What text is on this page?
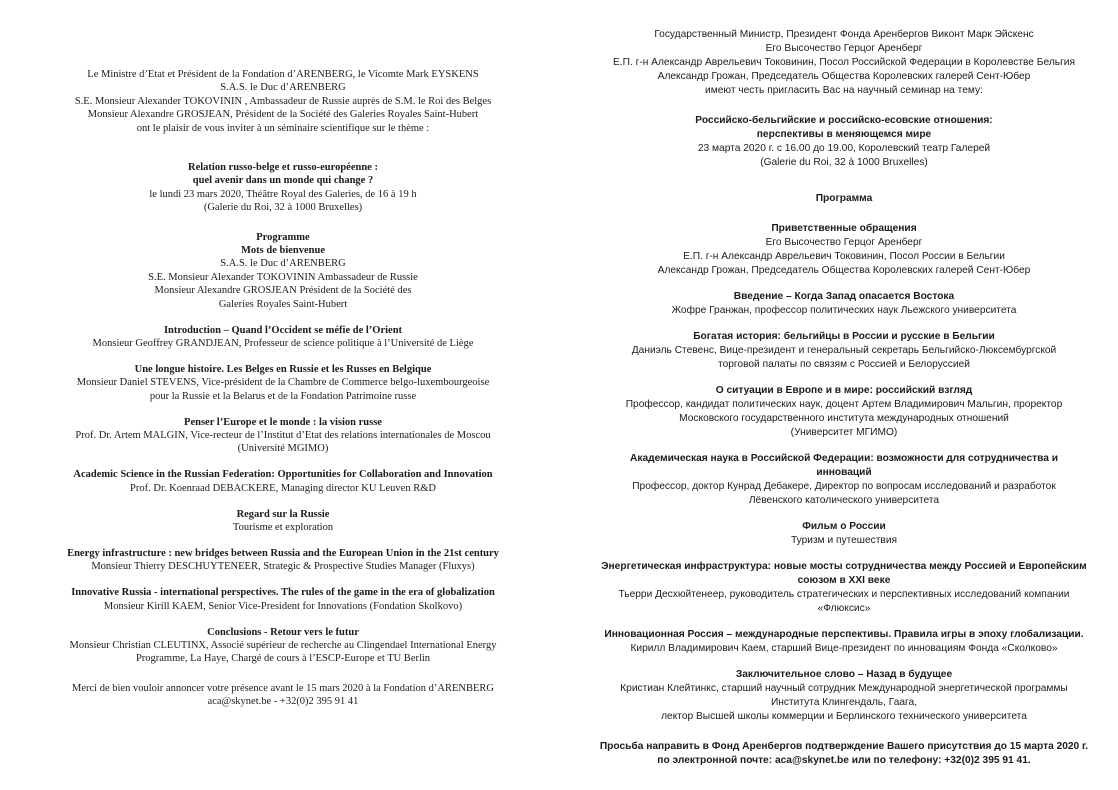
Le Ministre d’Etat et Président de la Fondation d’ARENBERG, le Vicomte Mark EYSKENS

S.A.S. le Duc d’ARENBERG

S.E. Monsieur Alexander TOKOVININ , Ambassadeur de Russie auprès de S.M. le Roi des Belges

Monsieur Alexandre GROSJEAN, Président de la Société des Galeries Royales Saint-Hubert

ont le plaisir de vous inviter à un séminaire scientifique sur le thème :

Relation russo-belge et russo-européenne :

quel avenir dans un monde qui change ?

le lundi 23 mars 2020, Théâtre Royal des Galeries, de 16 à 19 h

(Galerie du Roi, 32 à 1000 Bruxelles)

Programme

Mots de bienvenue

S.A.S. le Duc d’ARENBERG

S.E. Monsieur Alexander TOKOVININ Ambassadeur de Russie

Monsieur Alexandre GROSJEAN Président de la Société des

Galeries Royales Saint-Hubert

Introduction – Quand l’Occident se méfie de l’Orient

Monsieur Geoffrey GRANDJEAN, Professeur de science politique à l’Université de Liège

Une longue histoire. Les Belges en Russie et les Russes en Belgique

Monsieur Daniel STEVENS, Vice-président de la Chambre de Commerce belgo-luxembourgeoise

pour la Russie et la Belarus et de la Fondation Patrimoine russe

Penser l’Europe et le monde : la vision russe

Prof. Dr. Artem MALGIN, Vice-recteur de l’Institut d’Etat des relations internationales de Moscou

(Université MGIMO)

Academic Science in the Russian Federation: Opportunities for Collaboration and Innovation

Prof. Dr. Koenraad DEBACKERE, Managing director KU Leuven R&D

Regard sur la Russie

Tourisme et exploration

Energy infrastructure : new bridges between Russia and the European Union in the 21st century

Monsieur Thierry DESCHUYTENEER, Strategic & Prospective Studies Manager (Fluxys)

Innovative Russia - international perspectives. The rules of the game in the era of globalization

Monsieur Kirill KAEM, Senior Vice-President for Innovations (Fondation Skolkovo)

Conclusions - Retour vers le futur

Monsieur Christian CLEUTINX, Associé supérieur de recherche au Clingendael International Energy

Programme, La Haye, Chargé de cours à l’ESCP-Europe et TU Berlin

Merci de bien vouloir annoncer votre présence avant le 15 mars 2020 à la Fondation d’ARENBERG

aca@skynet.be - +32(0)2 395 91 41

Государственный Министр, Президент Фонда Аренбергов Виконт Марк Эйскенс

Его Высочество Герцог Аренберг

Е.П. г-н Александр Аврельевич Токовинин, Посол Российской Федерации в Королевстве Бельгия

Александр Грожан, Председатель Общества Королевских галерей Сент-Юбер

имеют честь пригласить Вас на научный семинар на тему:

Российско-бельгийские и российско-есовские отношения:

перспективы в меняющемся мире

23 марта 2020 г. с 16.00 до 19.00, Королевский театр Галерей

(Galerie du Roi, 32 à 1000 Bruxelles)

Программа

Приветственные обращения

Его Высочество Герцог Аренберг

Е.П. г-н Александр Аврельевич Токовинин, Посол России в Бельгии

Александр Грожан, Председатель Общества Королевских галерей Сент-Юбер

Введение – Когда Запад опасается Востока

Жофре Гранжан, профессор политических наук Льежского университета

Богатая история: бельгийцы в России и русские в Бельгии

Даниэль Стевенс, Вице-президент и генеральный секретарь Бельгийско-Люксембургской

торговой палаты по связям с Россией и Белоруссией

О ситуации в Европе и в мире: российский взгляд

Профессор, кандидат политических наук, доцент Артем Владимирович Мальгин, проректор

Московского государственного института международных отношений

(Университет МГИМО)

Академическая наука в Российской Федерации: возможности для сотрудничества и

инноваций

Профессор, доктор Кунрад Дебакере, Директор по вопросам исследований и разработок

Лёвенского католического университета

Фильм о России

Туризм и путешествия

Энергетическая инфраструктура: новые мосты сотрудничества между Россией и Европейским

союзом в XXI веке

Тьерри Десхюйтенеер, руководитель стратегических и перспективных исследований компании

«Флюксис»

Инновационная Россия – международные перспективы. Правила игры в эпоху глобализации.

Кирилл Владимирович Каем, старший Вице-президент по инновациям Фонда «Сколково»

Заключительное слово – Назад в будущее

Кристиан Клейтинкс, старший научный сотрудник Международной энергетической программы

Института Клингендаль, Гаага,

лектор Высшей школы коммерции и Берлинского технического университета

Просьба направить в Фонд Аренбергов подтверждение Вашего присутствия до 15 марта 2020 г.

по электронной почте: aca@skynet.be или по телефону: +32(0)2 395 91 41.
